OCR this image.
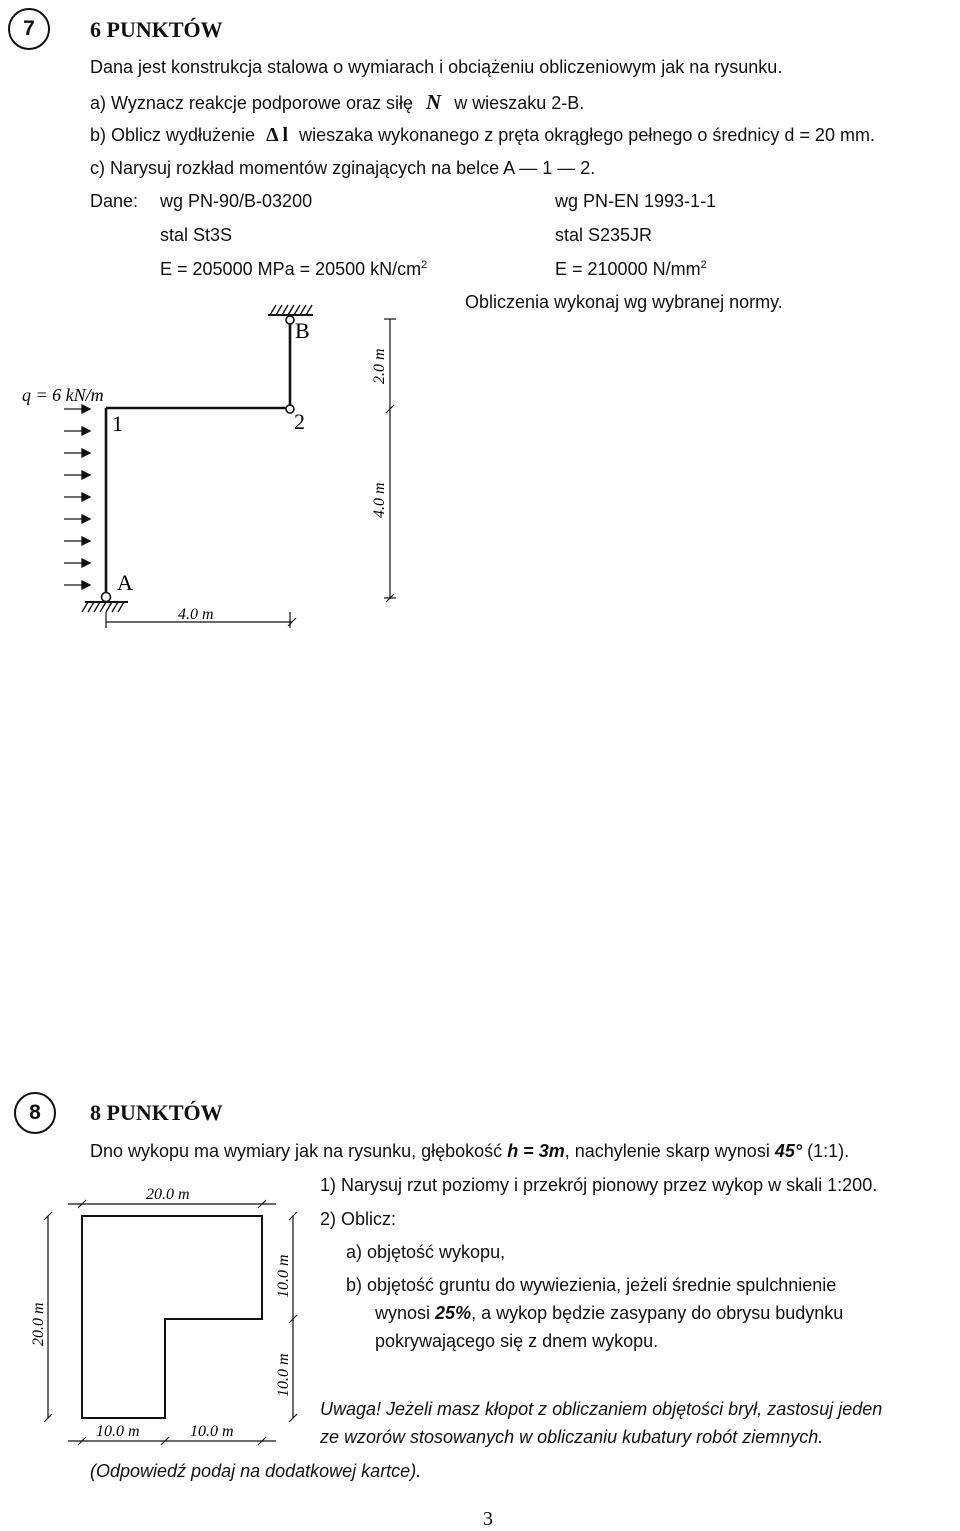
7	6 PUNKTÓW
Dana jest konstrukcja stalowa o wymiarach i obciążeniu obliczeniowym jak na rysunku.
a) Wyznacz reakcje podporowe oraz siłę N w wieszaku 2-B.
b) Oblicz wydłużenie Δ l wieszaka wykonanego z pręta okrągłego pełnego o średnicy d = 20 mm.
c) Narysuj rozkład momentów zginających na belce A — 1 — 2.
Dane: wg PN-90/B-03200	wg PN-EN 1993-1-1
stal St3S	stal S235JR
E = 205000 MPa = 20500 $kN/cm^2$	E = 210000 $N/mm^2$
Obliczenia wykonaj wg wybranej normy.
q = 6 kN/m
B
1	2
A
2.0 m
4.0 m
4.0 m
8 8 PUNKTÓW
Dno wykopu ma wymiary jak na rysunku, głębokość h = 3m, nachylenie skarp wynosi 45° (1:1).
1) Narysuj rzut poziomy i przekrój pionowy przez wykop w skali 1:200.
2) Oblicz:
a) objętość wykopu,
b) objętość gruntu do wywiezienia, jeżeli średnie spulchnienie
wynosi 25%, a wykop będzie zasypany do obrysu budynku
pokrywającego się z dnem wykopu.
Uwaga! Jeżeli masz kłopot z obliczaniem objętości brył, zastosuj jeden
ze wzorów stosowanych w obliczaniu kubatury robót ziemnych.
(Odpowiedź podaj na dodatkowej kartce).
20.0 m
20.0 m
10.0 m
10.0 m
10.0 m	10.0 m
3
